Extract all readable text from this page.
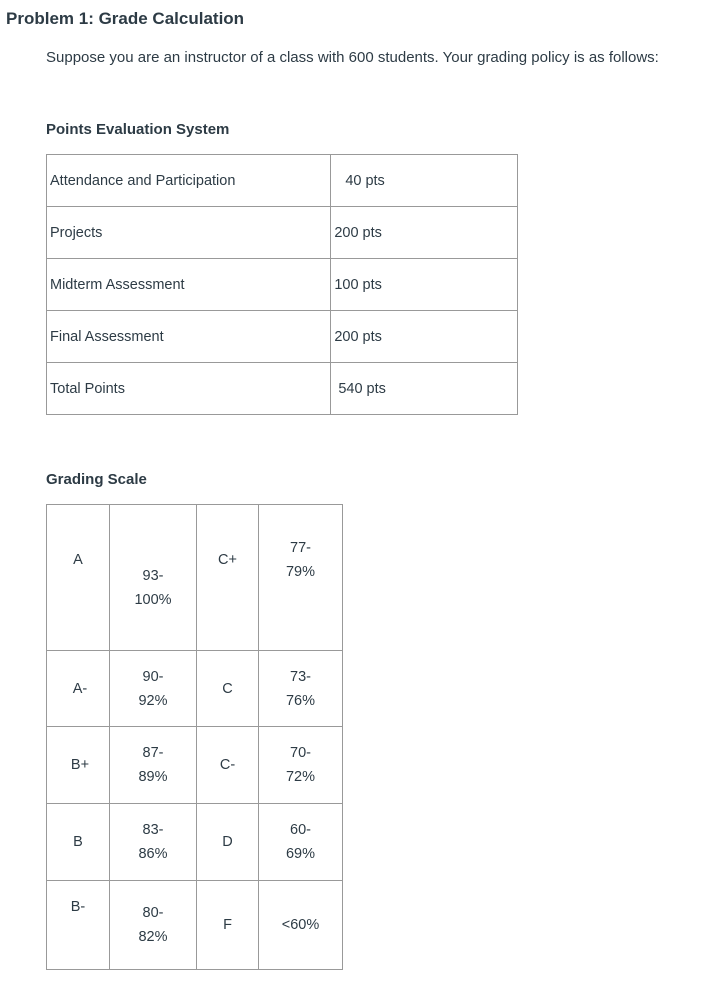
Problem 1: Grade Calculation

Suppose you are an instructor of a class with 600 students. Your grading policy is as follows:

Points Evaluation System
Attendance and Participation	40 pts
Projects	200 pts
Midterm Assessment	100 pts
Final Assessment	200 pts
Total Points	540 pts
Grading Scale
A	93-100%	C+	77-79%
A-	90-92%	C	73-76%
B+	87-89%	C-	70-72%
B	83-86%	D	60-69%
B-	80-82%	F	<60%
